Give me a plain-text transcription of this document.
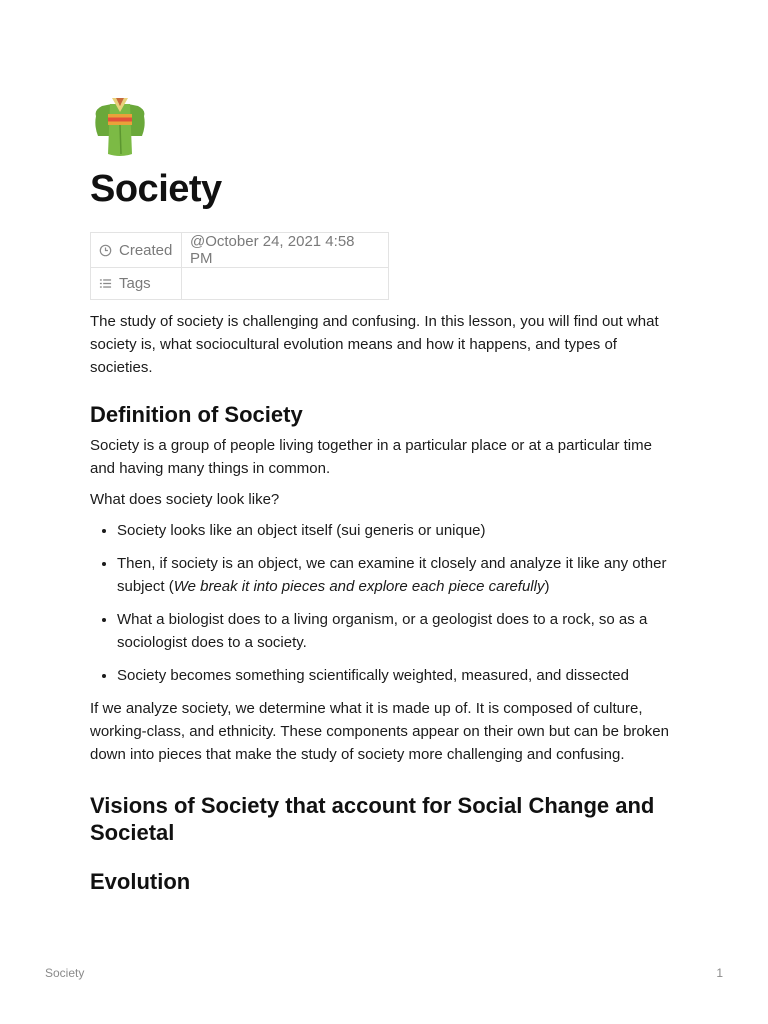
Society
Created	@October 24, 2021 4:58 PM
Tags	

The study of society is challenging and confusing. In this lesson, you will find out what society is, what sociocultural evolution means and how it happens, and types of societies.

Definition of Society

Society is a group of people living together in a particular place or at a particular time and having many things in common.

What does society look like?

• Society looks like an object itself (sui generis or unique)
• Then, if society is an object, we can examine it closely and analyze it like any other subject (We break it into pieces and explore each piece carefully)
• What a biologist does to a living organism, or a geologist does to a rock, so as a sociologist does to a society.
• Society becomes something scientifically weighted, measured, and dissected

If we analyze society, we determine what it is made up of. It is composed of culture, working-class, and ethnicity. These components appear on their own but can be broken down into pieces that make the study of society more challenging and confusing.

Visions of Society that account for Social Change and Societal
Evolution
Society	1
